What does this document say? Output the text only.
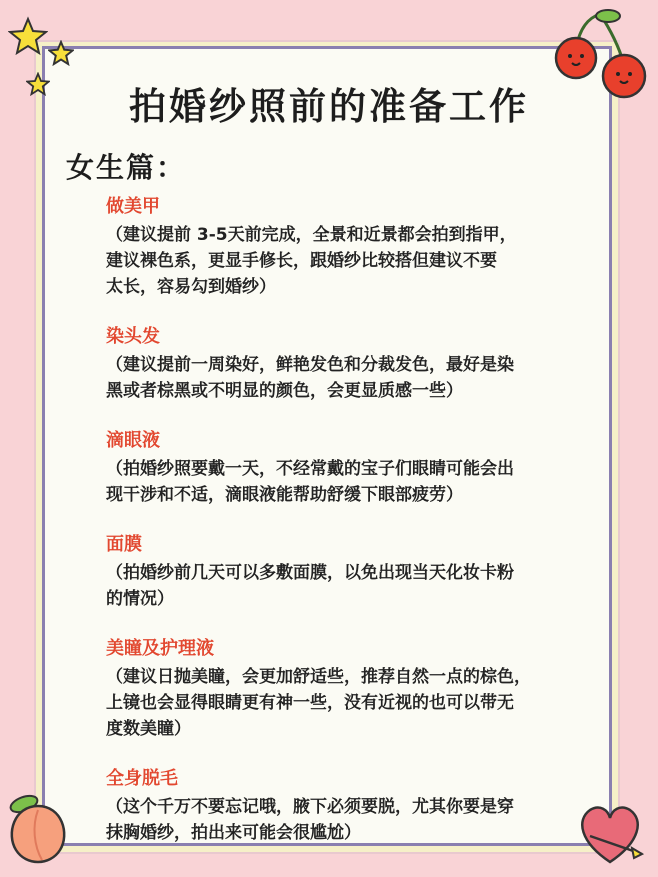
拍婚纱照前的准备工作
女生篇：

做美甲

（建议提前 3-5天前完成，全景和近景都会拍到指甲，
建议裸色系，更显手修长，跟婚纱比较搭但建议不要
太长，容易勾到婚纱）

染头发

（建议提前一周染好，鲜艳发色和分裁发色，最好是染
黑或者棕黑或不明显的颜色，会更显质感一些）

滴眼液

（拍婚纱照要戴一天，不经常戴的宝子们眼睛可能会出
现干涉和不适，滴眼液能帮助舒缓下眼部疲劳）

面膜

（拍婚纱前几天可以多敷面膜，以免出现当天化妆卡粉
的情况）

美瞳及护理液

（建议日抛美瞳，会更加舒适些，推荐自然一点的棕色，
上镜也会显得眼睛更有神一些，没有近视的也可以带无
度数美瞳）

全身脱毛

（这个千万不要忘记哦，腋下必须要脱，尤其你要是穿
抹胸婚纱，拍出来可能会很尴尬）
